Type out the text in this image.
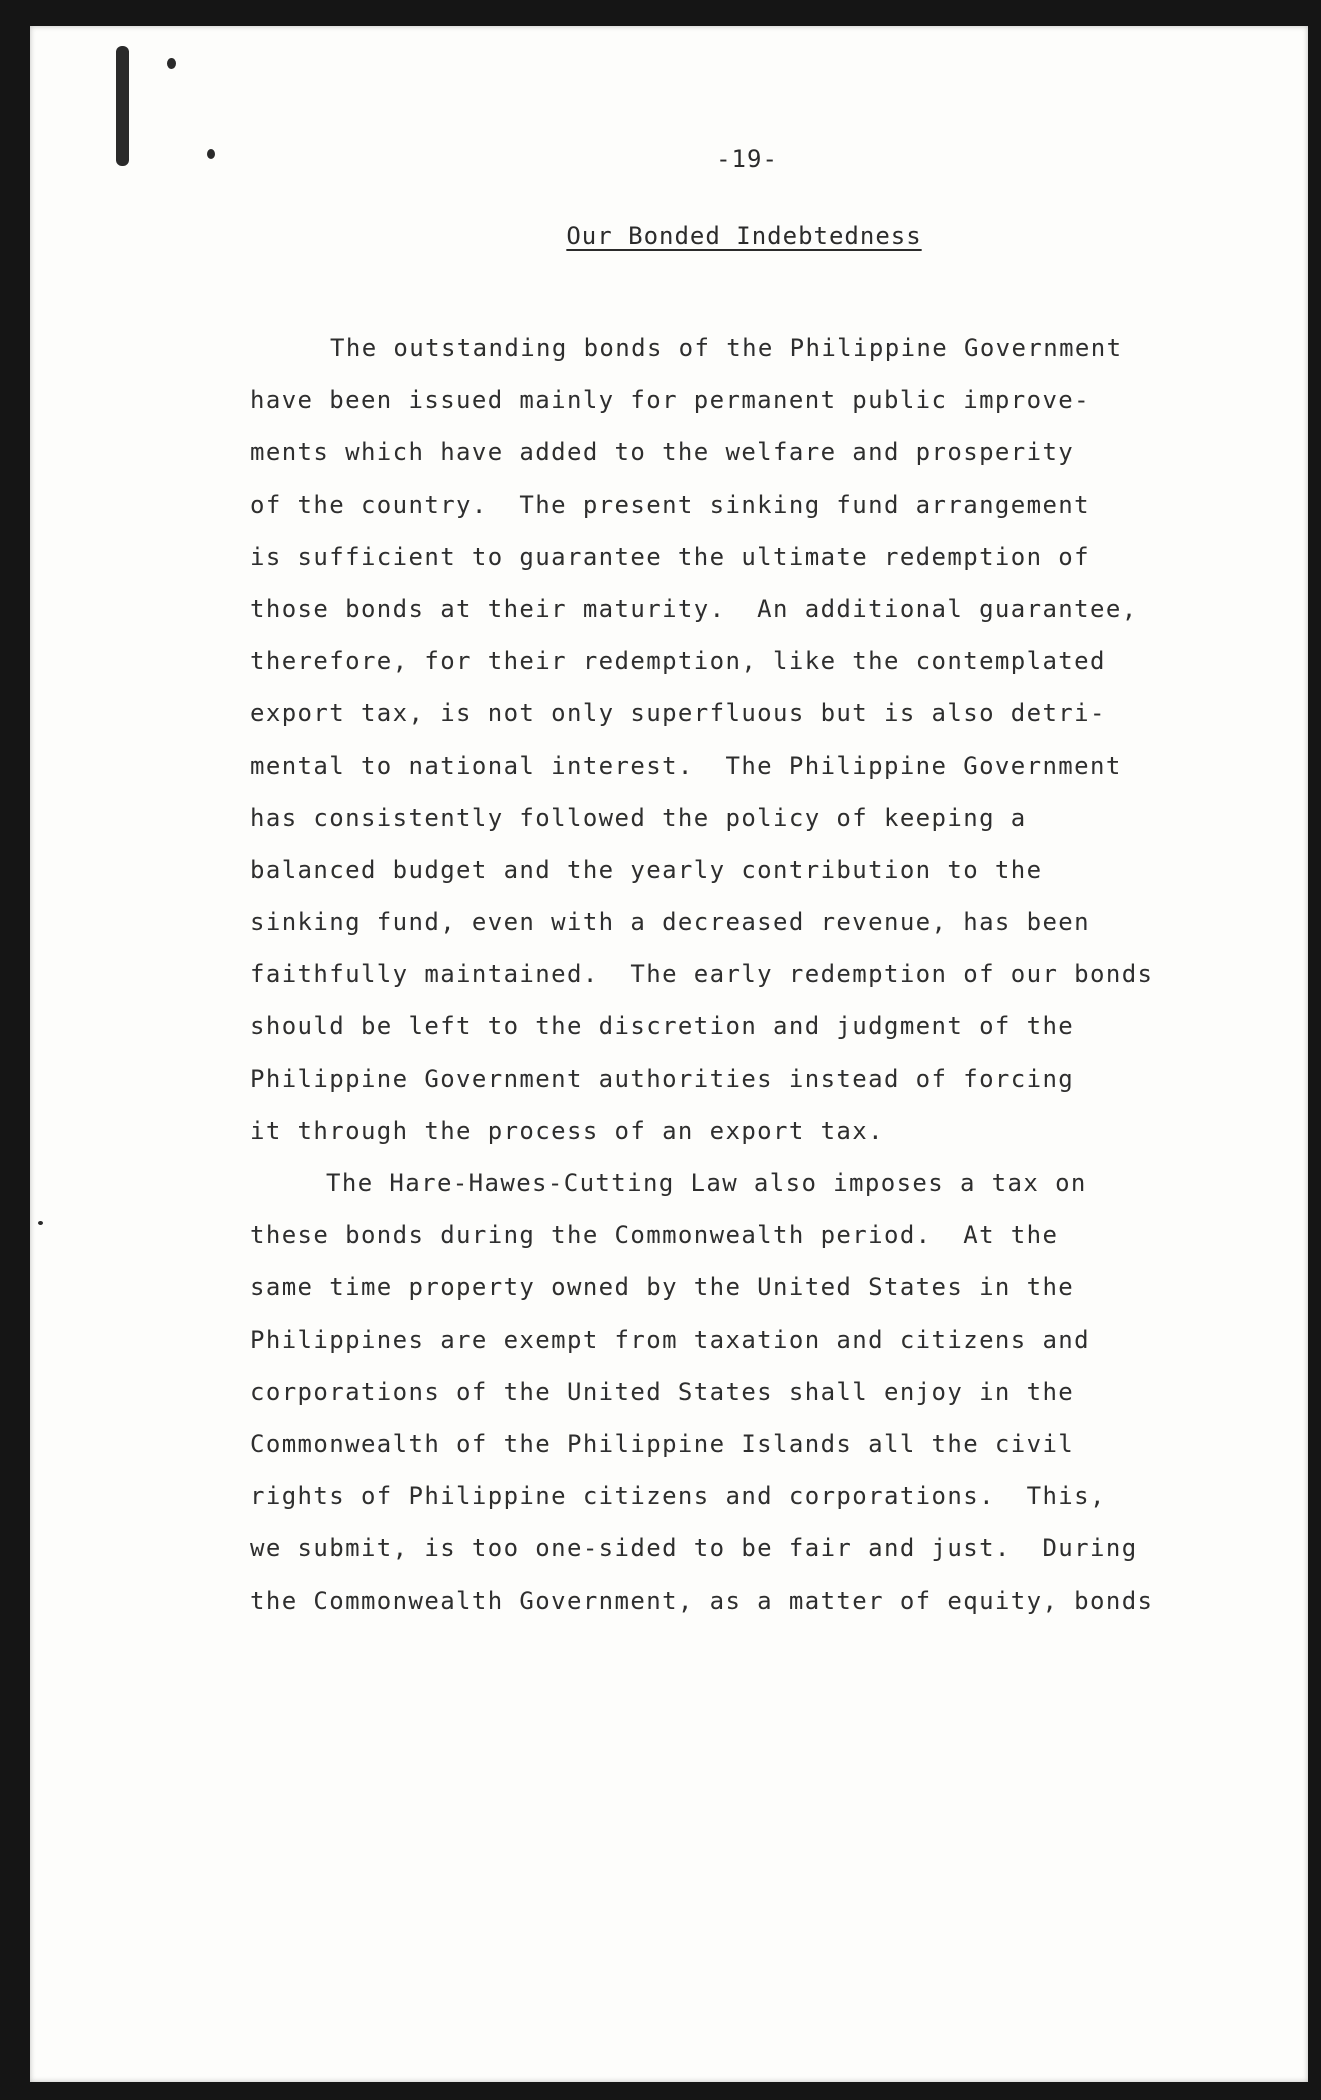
-19-
Our Bonded Indebtedness
The outstanding bonds of the Philippine Government
have been issued mainly for permanent public improve-
ments which have added to the welfare and prosperity
of the country.  The present sinking fund arrangement
is sufficient to guarantee the ultimate redemption of
those bonds at their maturity.  An additional guarantee,
therefore, for their redemption, like the contemplated
export tax, is not only superfluous but is also detri-
mental to national interest.  The Philippine Government
has consistently followed the policy of keeping a
balanced budget and the yearly contribution to the
sinking fund, even with a decreased revenue, has been
faithfully maintained.  The early redemption of our bonds
should be left to the discretion and judgment of the
Philippine Government authorities instead of forcing
it through the process of an export tax.
The Hare-Hawes-Cutting Law also imposes a tax on
these bonds during the Commonwealth period.  At the
same time property owned by the United States in the
Philippines are exempt from taxation and citizens and
corporations of the United States shall enjoy in the
Commonwealth of the Philippine Islands all the civil
rights of Philippine citizens and corporations.  This,
we submit, is too one-sided to be fair and just.  During
the Commonwealth Government, as a matter of equity, bonds
